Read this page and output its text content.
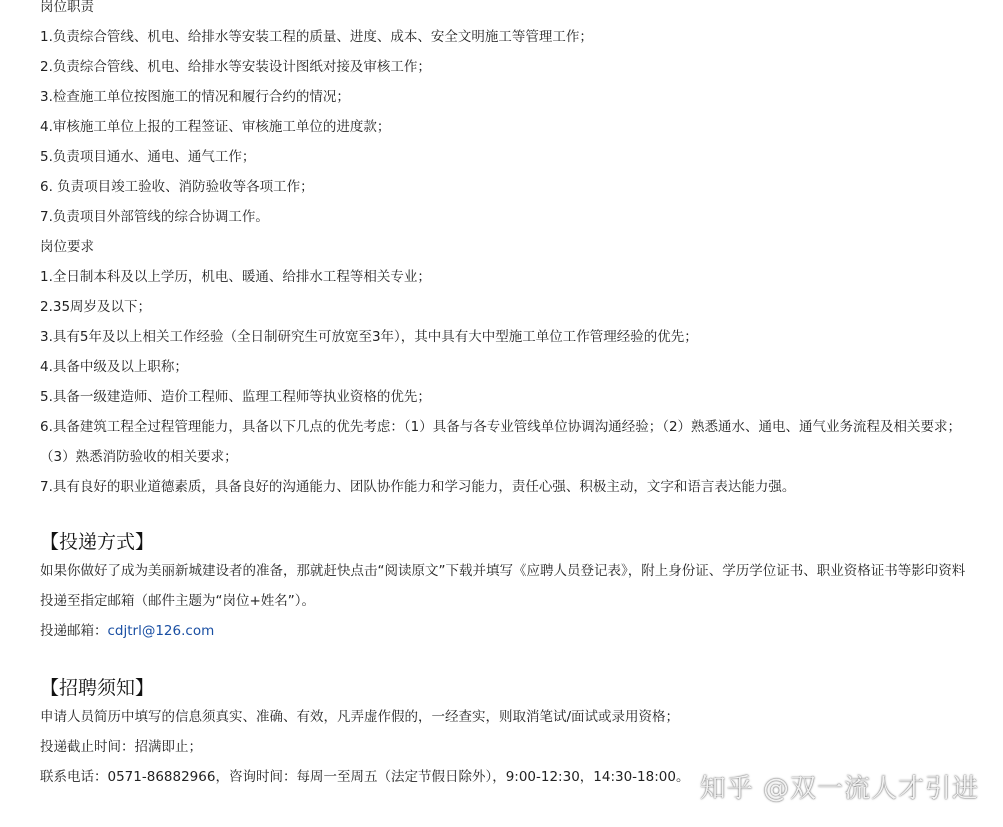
岗位职责

1.负责综合管线、机电、给排水等安装工程的质量、进度、成本、安全文明施工等管理工作；

2.负责综合管线、机电、给排水等安装设计图纸对接及审核工作；

3.检查施工单位按图施工的情况和履行合约的情况；

4.审核施工单位上报的工程签证、审核施工单位的进度款；

5.负责项目通水、通电、通气工作；

6. 负责项目竣工验收、消防验收等各项工作；

7.负责项目外部管线的综合协调工作。

岗位要求

1.全日制本科及以上学历，机电、暖通、给排水工程等相关专业；

2.35周岁及以下；

3.具有5年及以上相关工作经验（全日制研究生可放宽至3年），其中具有大中型施工单位工作管理经验的优先；

4.具备中级及以上职称；

5.具备一级建造师、造价工程师、监理工程师等执业资格的优先；

6.具备建筑工程全过程管理能力，具备以下几点的优先考虑：（1）具备与各专业管线单位协调沟通经验；（2）熟悉通水、通电、通气业务流程及相关要求；（3）熟悉消防验收的相关要求；

7.具有良好的职业道德素质，具备良好的沟通能力、团队协作能力和学习能力，责任心强、积极主动，文字和语言表达能力强。

【投递方式】

如果你做好了成为美丽新城建设者的准备，那就赶快点击“阅读原文”下载并填写《应聘人员登记表》，附上身份证、学历学位证书、职业资格证书等影印资料投递至指定邮箱（邮件主题为“岗位+姓名”）。

投递邮箱：cdjtrl@126.com

【招聘须知】

申请人员简历中填写的信息须真实、准确、有效，凡弄虚作假的，一经查实，则取消笔试/面试或录用资格；

投递截止时间：招满即止；

联系电话：0571-86882966，咨询时间：每周一至周五（法定节假日除外），9:00-12:30，14:30-18:00。 知乎 @双一流人才引进
